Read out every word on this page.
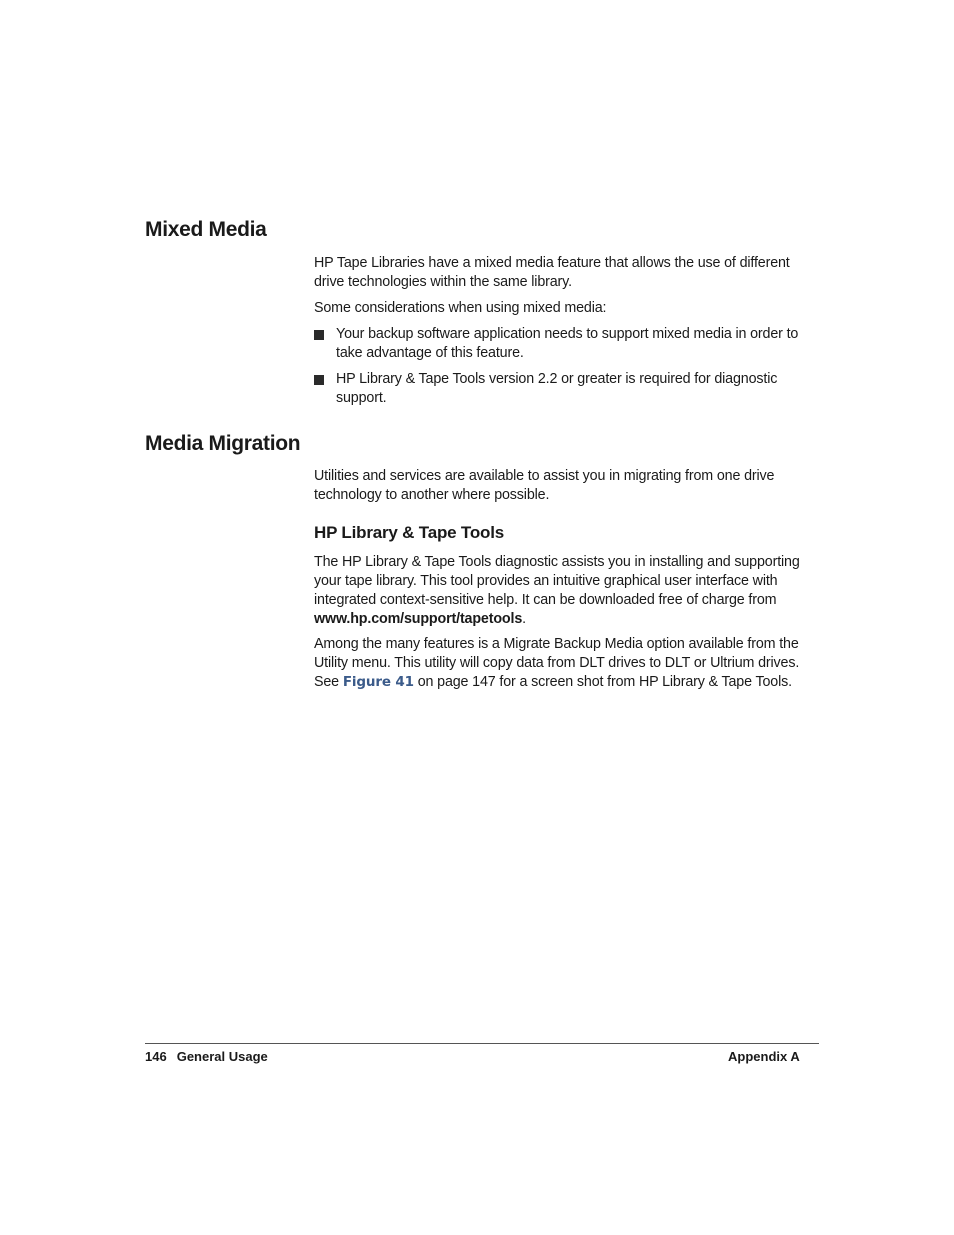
Mixed Media

HP Tape Libraries have a mixed media feature that allows the use of different drive technologies within the same library.

Some considerations when using mixed media:

Your backup software application needs to support mixed media in order to take advantage of this feature.
HP Library & Tape Tools version 2.2 or greater is required for diagnostic support.
Media Migration

Utilities and services are available to assist you in migrating from one drive technology to another where possible.

HP Library & Tape Tools

The HP Library & Tape Tools diagnostic assists you in installing and supporting your tape library. This tool provides an intuitive graphical user interface with integrated context-sensitive help. It can be downloaded free of charge from www.hp.com/support/tapetools.

Among the many features is a Migrate Backup Media option available from the Utility menu. This utility will copy data from DLT drives to DLT or Ultrium drives. See Figure 41 on page 147 for a screen shot from HP Library & Tape Tools.

146 General Usage	Appendix A
